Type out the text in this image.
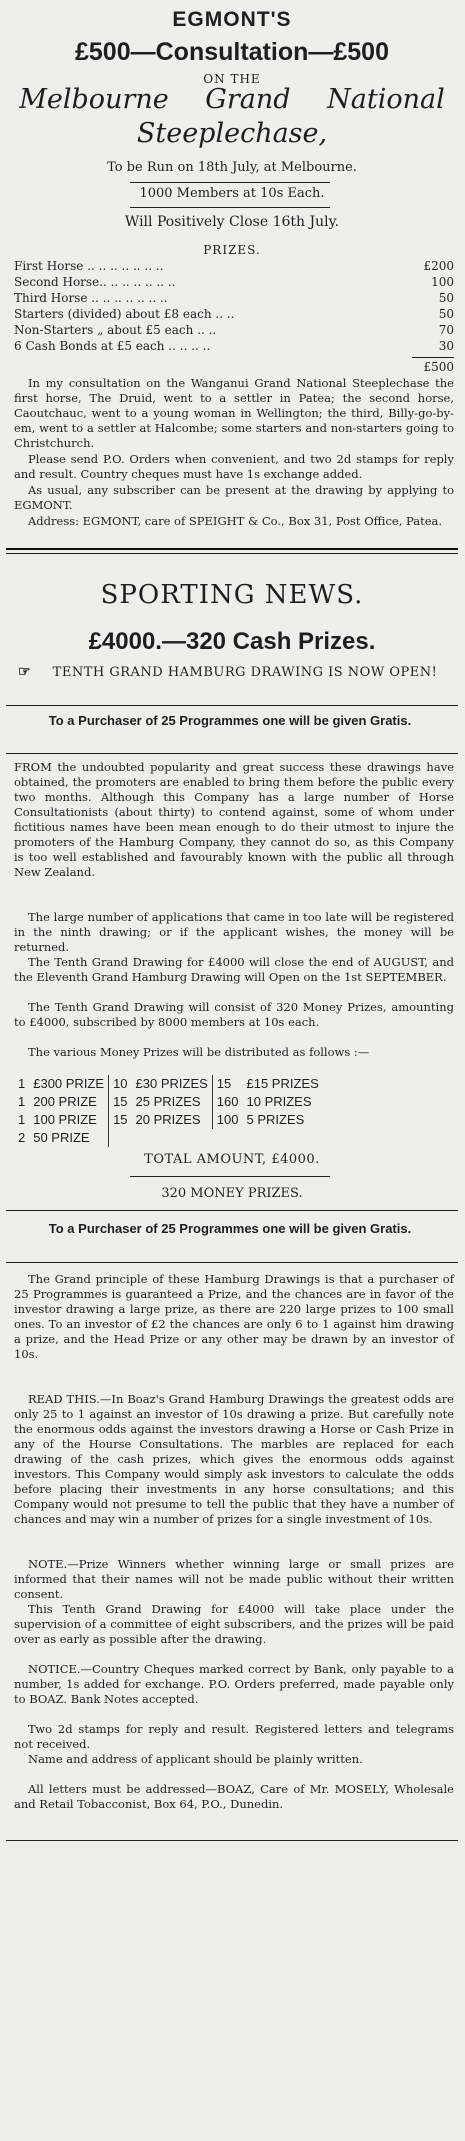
EGMONT'S
£500—Consultation—£500
ON THE
Melbourne Grand National
Steeplechase,
To be Run on 18th July, at Melbourne.
1000 Members at 10s Each.
Will Positively Close 16th July.
PRIZES.
First Horse .. .. .. .. .. .. ..	£200
Second Horse.. .. .. .. .. .. ..	100
Third Horse .. .. .. .. .. .. ..	50
Starters (divided) about £8 each .. ..	50
Non-Starters „ about £5 each .. ..	70
6 Cash Bonds at £5 each .. .. .. ..	30
£500

In my consultation on the Wanganui Grand National Steeplechase the first horse, The Druid, went to a settler in Patea; the second horse, Caoutchauc, went to a young woman in Wellington; the third, Billy-go-by-em, went to a settler at Halcombe; some starters and non-starters going to Christchurch.

Please send P.O. Orders when convenient, and two 2d stamps for reply and result. Country cheques must have 1s exchange added.

As usual, any subscriber can be present at the drawing by applying to EGMONT.

Address: EGMONT, care of SPEIGHT & Co., Box 31, Post Office, Patea.

SPORTING NEWS.
£4000.—320 Cash Prizes.
☞	TENTH GRAND HAMBURG DRAWING IS NOW OPEN!
To a Purchaser of 25 Programmes one will be given Gratis.

FROM the undoubted popularity and great success these drawings have obtained, the promoters are enabled to bring them before the public every two months. Although this Company has a large number of Horse Consultationists (about thirty) to contend against, some of whom under fictitious names have been mean enough to do their utmost to injure the promoters of the Hamburg Company, they cannot do so, as this Company is too well established and favourably known with the public all through New Zealand.

The large number of applications that came in too late will be registered in the ninth drawing; or if the applicant wishes, the money will be returned.

The Tenth Grand Drawing for £4000 will close the end of AUGUST, and the Eleventh Grand Hamburg Drawing will Open on the 1st SEPTEMBER.

The Tenth Grand Drawing will consist of 320 Money Prizes, amounting to £4000, subscribed by 8000 members at 10s each.

The various Money Prizes will be distributed as follows :—

1	£300 PRIZE	10	£30 PRIZES	15	£15 PRIZES
1	200 PRIZE	15	25 PRIZES	160	10 PRIZES
1	100 PRIZE	15	20 PRIZES	100	5 PRIZES
2	50 PRIZE				
TOTAL AMOUNT, £4000.
320 MONEY PRIZES.
To a Purchaser of 25 Programmes one will be given Gratis.

The Grand principle of these Hamburg Drawings is that a purchaser of 25 Programmes is guaranteed a Prize, and the chances are in favor of the investor drawing a large prize, as there are 220 large prizes to 100 small ones. To an investor of £2 the chances are only 6 to 1 against him drawing a prize, and the Head Prize or any other may be drawn by an investor of 10s.

READ THIS.—In Boaz's Grand Hamburg Drawings the greatest odds are only 25 to 1 against an investor of 10s drawing a prize. But carefully note the enormous odds against the investors drawing a Horse or Cash Prize in any of the Hourse Consultations. The marbles are replaced for each drawing of the cash prizes, which gives the enormous odds against investors. This Company would simply ask investors to calculate the odds before placing their investments in any horse consultations; and this Company would not presume to tell the public that they have a number of chances and may win a number of prizes for a single investment of 10s.

NOTE.—Prize Winners whether winning large or small prizes are informed that their names will not be made public without their written consent.

This Tenth Grand Drawing for £4000 will take place under the supervision of a committee of eight subscribers, and the prizes will be paid over as early as possible after the drawing.

NOTICE.—Country Cheques marked correct by Bank, only payable to a number, 1s added for exchange. P.O. Orders preferred, made payable only to BOAZ. Bank Notes accepted.

Two 2d stamps for reply and result. Registered letters and telegrams not received.

Name and address of applicant should be plainly written.

All letters must be addressed—BOAZ, Care of Mr. MOSELY, Wholesale and Retail Tobacconist, Box 64, P.O., Dunedin.
